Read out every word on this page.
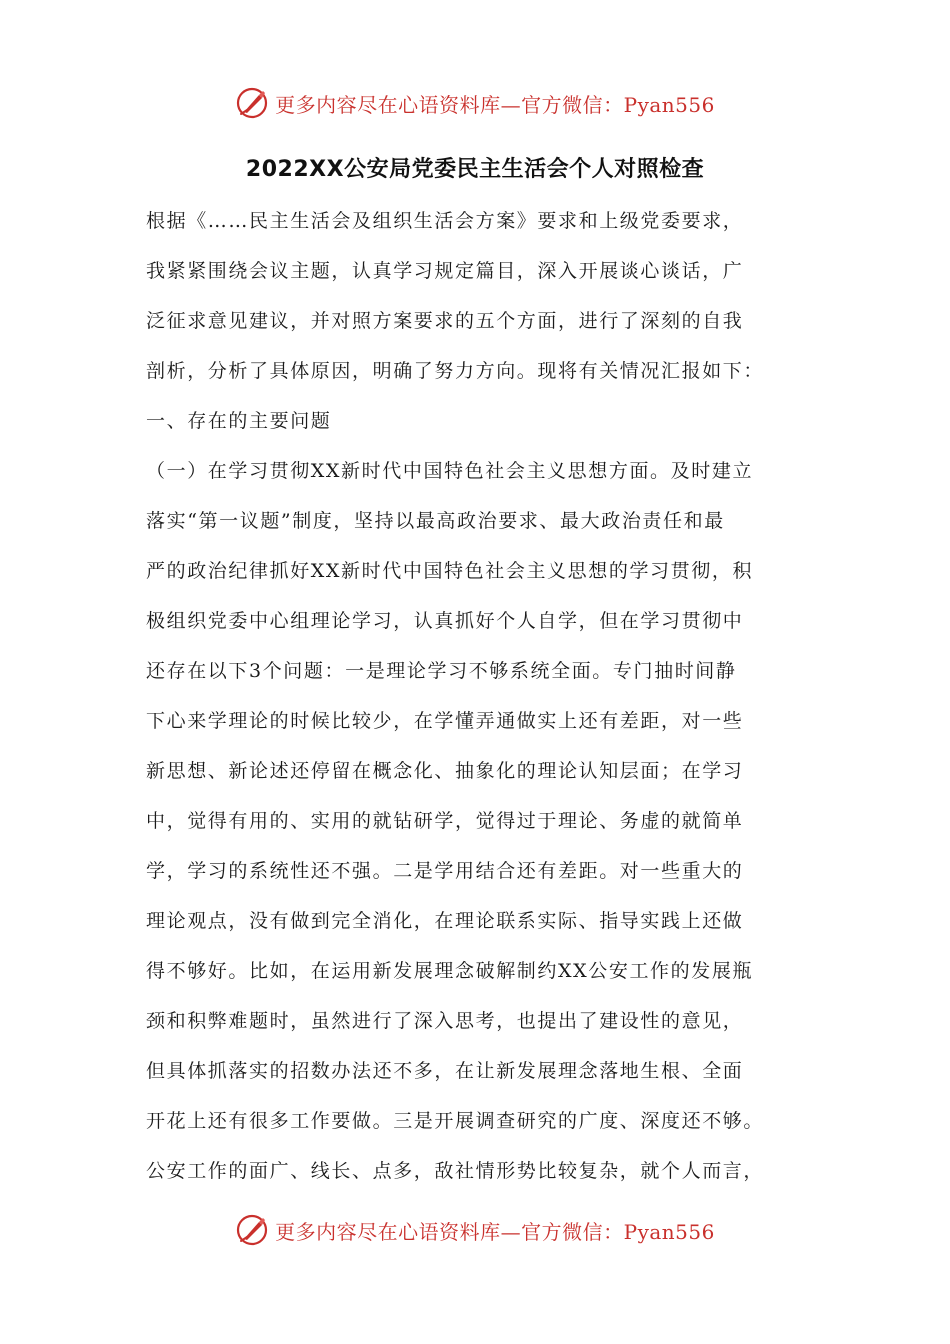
更多内容尽在心语资料库—官方微信：Pyan556
2022XX公安局党委民主生活会个人对照检查
根据《……民主生活会及组织生活会方案》要求和上级党委要求，
我紧紧围绕会议主题，认真学习规定篇目，深入开展谈心谈话，广
泛征求意见建议，并对照方案要求的五个方面，进行了深刻的自我
剖析，分析了具体原因，明确了努力方向。现将有关情况汇报如下：
一、存在的主要问题
（一）在学习贯彻XX新时代中国特色社会主义思想方面。及时建立
落实“第一议题”制度，坚持以最高政治要求、最大政治责任和最
严的政治纪律抓好XX新时代中国特色社会主义思想的学习贯彻，积
极组织党委中心组理论学习，认真抓好个人自学，但在学习贯彻中
还存在以下3个问题：一是理论学习不够系统全面。专门抽时间静
下心来学理论的时候比较少，在学懂弄通做实上还有差距，对一些
新思想、新论述还停留在概念化、抽象化的理论认知层面；在学习
中，觉得有用的、实用的就钻研学，觉得过于理论、务虚的就简单
学，学习的系统性还不强。二是学用结合还有差距。对一些重大的
理论观点，没有做到完全消化，在理论联系实际、指导实践上还做
得不够好。比如，在运用新发展理念破解制约XX公安工作的发展瓶
颈和积弊难题时，虽然进行了深入思考，也提出了建设性的意见，
但具体抓落实的招数办法还不多，在让新发展理念落地生根、全面
开花上还有很多工作要做。三是开展调查研究的广度、深度还不够。
公安工作的面广、线长、点多，敌社情形势比较复杂，就个人而言，
更多内容尽在心语资料库—官方微信：Pyan556
